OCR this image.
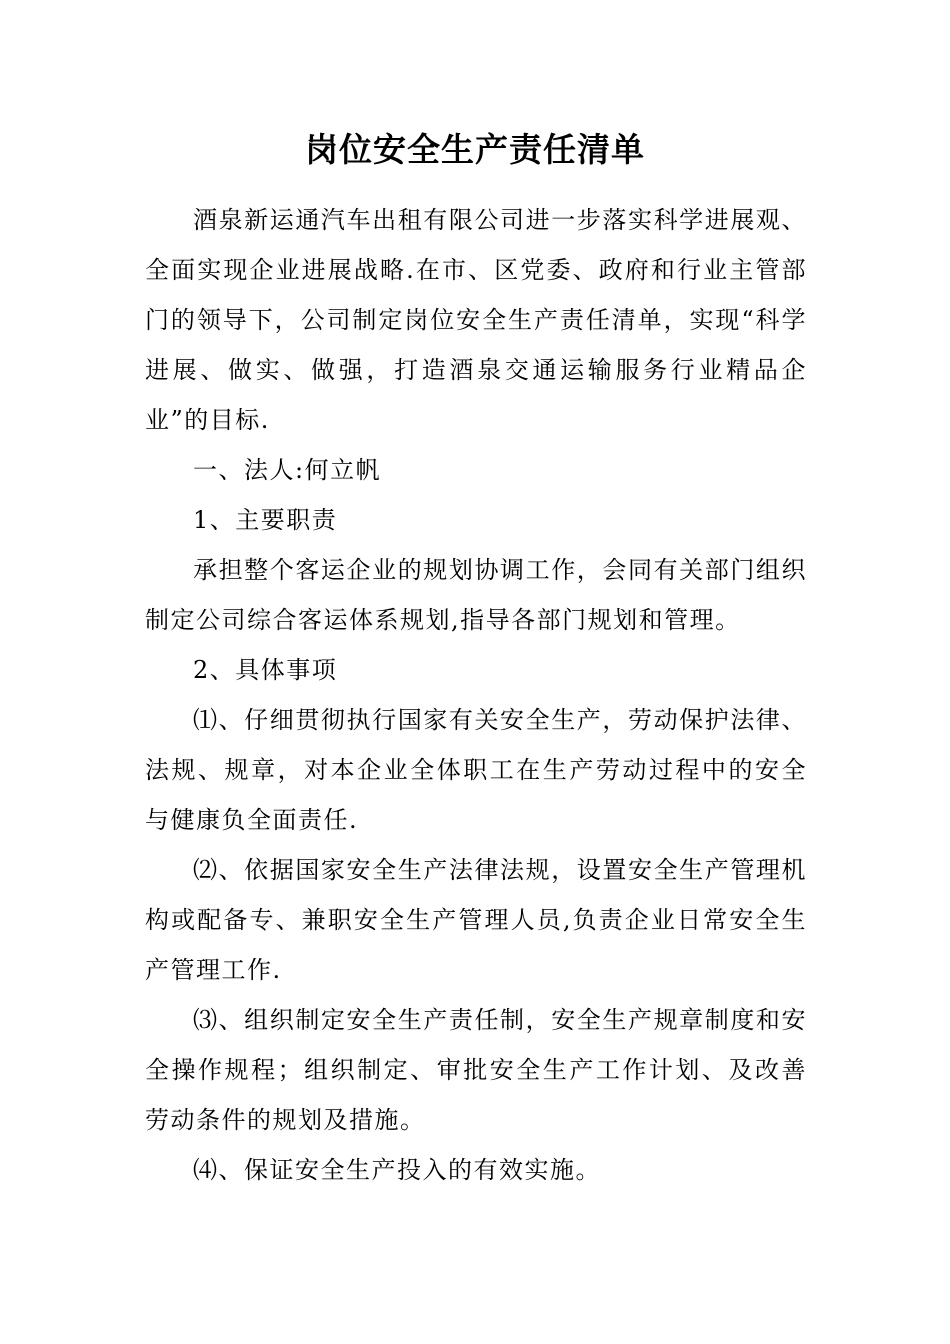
岗位安全生产责任清单

酒泉新运通汽车出租有限公司进一步落实科学进展观、全面实现企业进展战略.在市、区党委、政府和行业主管部门的领导下，公司制定岗位安全生产责任清单，实现“科学进展、做实、做强，打造酒泉交通运输服务行业精品企业”的目标.

一、法人:何立帆

1、主要职责

承担整个客运企业的规划协调工作，会同有关部门组织制定公司综合客运体系规划,指导各部门规划和管理。

2、具体事项

⑴、仔细贯彻执行国家有关安全生产，劳动保护法律、法规、规章，对本企业全体职工在生产劳动过程中的安全与健康负全面责任.

⑵、依据国家安全生产法律法规，设置安全生产管理机构或配备专、兼职安全生产管理人员,负责企业日常安全生产管理工作.

⑶、组织制定安全生产责任制，安全生产规章制度和安全操作规程；组织制定、审批安全生产工作计划、及改善劳动条件的规划及措施。

⑷、保证安全生产投入的有效实施。
